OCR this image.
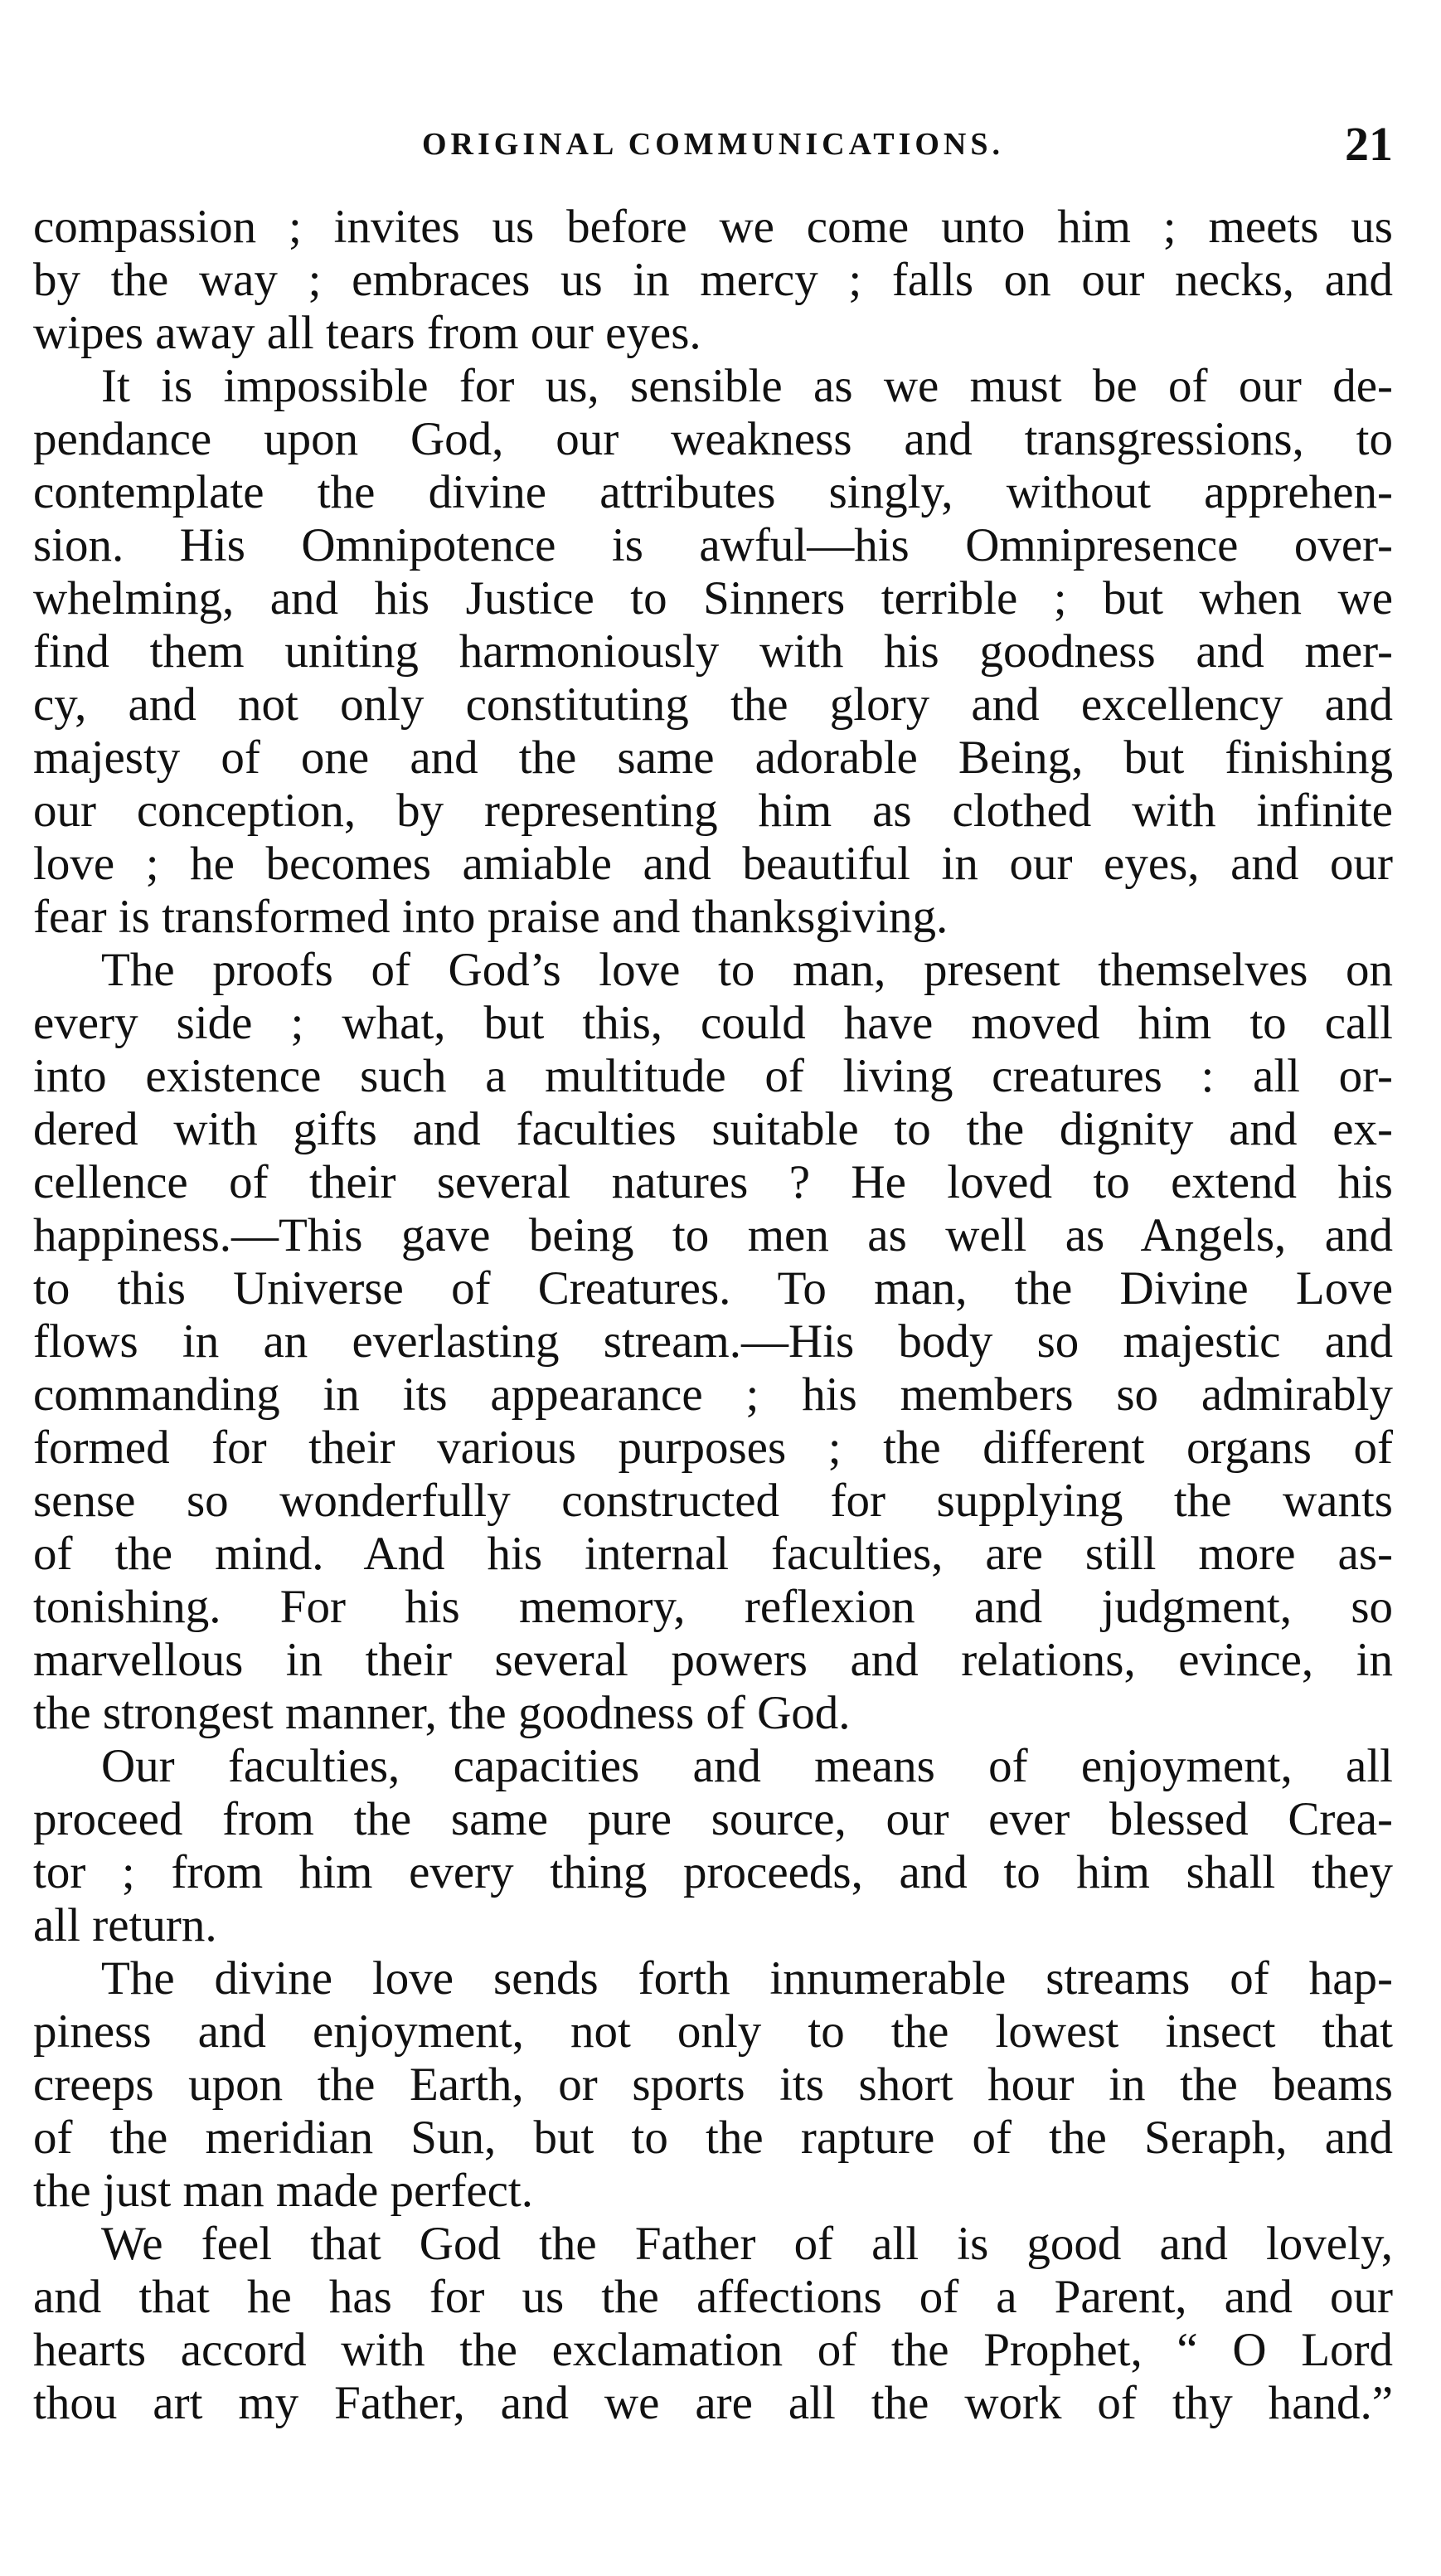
ORIGINAL COMMUNICATIONS.	21
compassion ; invites us before we come unto him ; meets us
by the way ; embraces us in mercy ; falls on our necks, and
wipes away all tears from our eyes.
It is impossible for us, sensible as we must be of our de-
pendance upon God, our weakness and transgressions, to
contemplate the divine attributes singly, without apprehen-
sion. His Omnipotence is awful—his Omnipresence over-
whelming, and his Justice to Sinners terrible ; but when we
find them uniting harmoniously with his goodness and mer-
cy, and not only constituting the glory and excellency and
majesty of one and the same adorable Being, but finishing
our conception, by representing him as clothed with infinite
love ; he becomes amiable and beautiful in our eyes, and our
fear is transformed into praise and thanksgiving.
The proofs of God’s love to man, present themselves on
every side ; what, but this, could have moved him to call
into existence such a multitude of living creatures : all or-
dered with gifts and faculties suitable to the dignity and ex-
cellence of their several natures ? He loved to extend his
happiness.—This gave being to men as well as Angels, and
to this Universe of Creatures. To man, the Divine Love
flows in an everlasting stream.—His body so majestic and
commanding in its appearance ; his members so admirably
formed for their various purposes ; the different organs of
sense so wonderfully constructed for supplying the wants
of the mind. And his internal faculties, are still more as-
tonishing. For his memory, reflexion and judgment, so
marvellous in their several powers and relations, evince, in
the strongest manner, the goodness of God.
Our faculties, capacities and means of enjoyment, all
proceed from the same pure source, our ever blessed Crea-
tor ; from him every thing proceeds, and to him shall they
all return.
The divine love sends forth innumerable streams of hap-
piness and enjoyment, not only to the lowest insect that
creeps upon the Earth, or sports its short hour in the beams
of the meridian Sun, but to the rapture of the Seraph, and
the just man made perfect.
We feel that God the Father of all is good and lovely,
and that he has for us the affections of a Parent, and our
hearts accord with the exclamation of the Prophet, “ O Lord
thou art my Father, and we are all the work of thy hand.”
